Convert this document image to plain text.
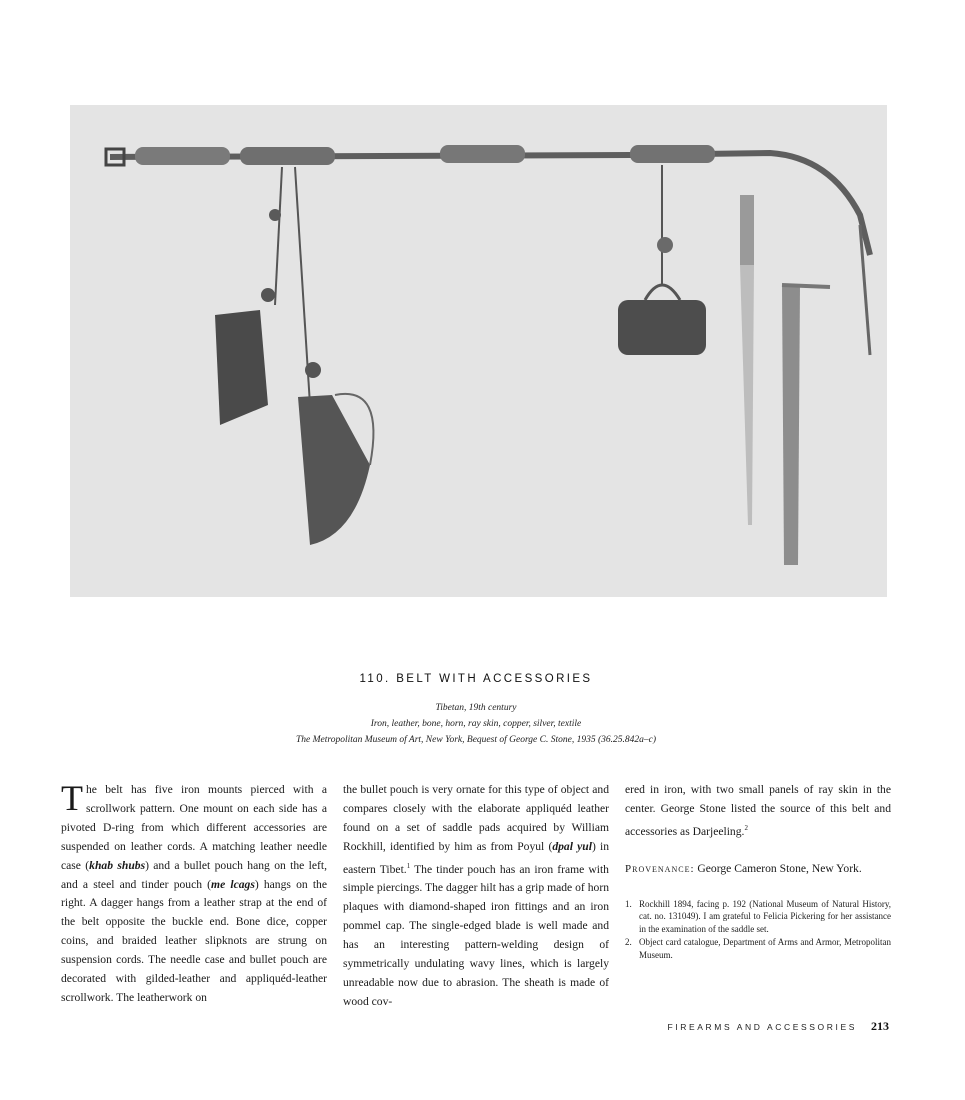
110. BELT WITH ACCESSORIES
Tibetan, 19th century
Iron, leather, bone, horn, ray skin, copper, silver, textile
The Metropolitan Museum of Art, New York, Bequest of George C. Stone, 1935 (36.25.842a–c)

The belt has five iron mounts pierced with a scrollwork pattern. One mount on each side has a pivoted D-ring from which different accessories are suspended on leather cords. A matching leather needle case (khab shubs) and a bullet pouch hang on the left, and a steel and tinder pouch (me lcags) hangs on the right. A dagger hangs from a leather strap at the end of the belt opposite the buckle end. Bone dice, copper coins, and braided leather slipknots are strung on suspension cords. The needle case and bullet pouch are decorated with gilded-leather and appliquéd-leather scrollwork. The leatherwork on

the bullet pouch is very ornate for this type of object and compares closely with the elaborate appliquéd leather found on a set of saddle pads acquired by William Rockhill, identified by him as from Poyul (dpal yul) in eastern Tibet.$^1$ The tinder pouch has an iron frame with simple piercings. The dagger hilt has a grip made of horn plaques with diamond-shaped iron fittings and an iron pommel cap. The single-edged blade is well made and has an interesting pattern-welding design of symmetrically undulating wavy lines, which is largely unreadable now due to abrasion. The sheath is made of wood cov-

ered in iron, with two small panels of ray skin in the center. George Stone listed the source of this belt and accessories as Darjeeling.$^2$

Provenance: George Cameron Stone, New York.

1. Rockhill 1894, facing p. 192 (National Museum of Natural History, cat. no. 131049). I am grateful to Felicia Pickering for her assistance in the examination of the saddle set.
2. Object card catalogue, Department of Arms and Armor, Metropolitan Museum.
FIREARMS AND ACCESSORIES 213
